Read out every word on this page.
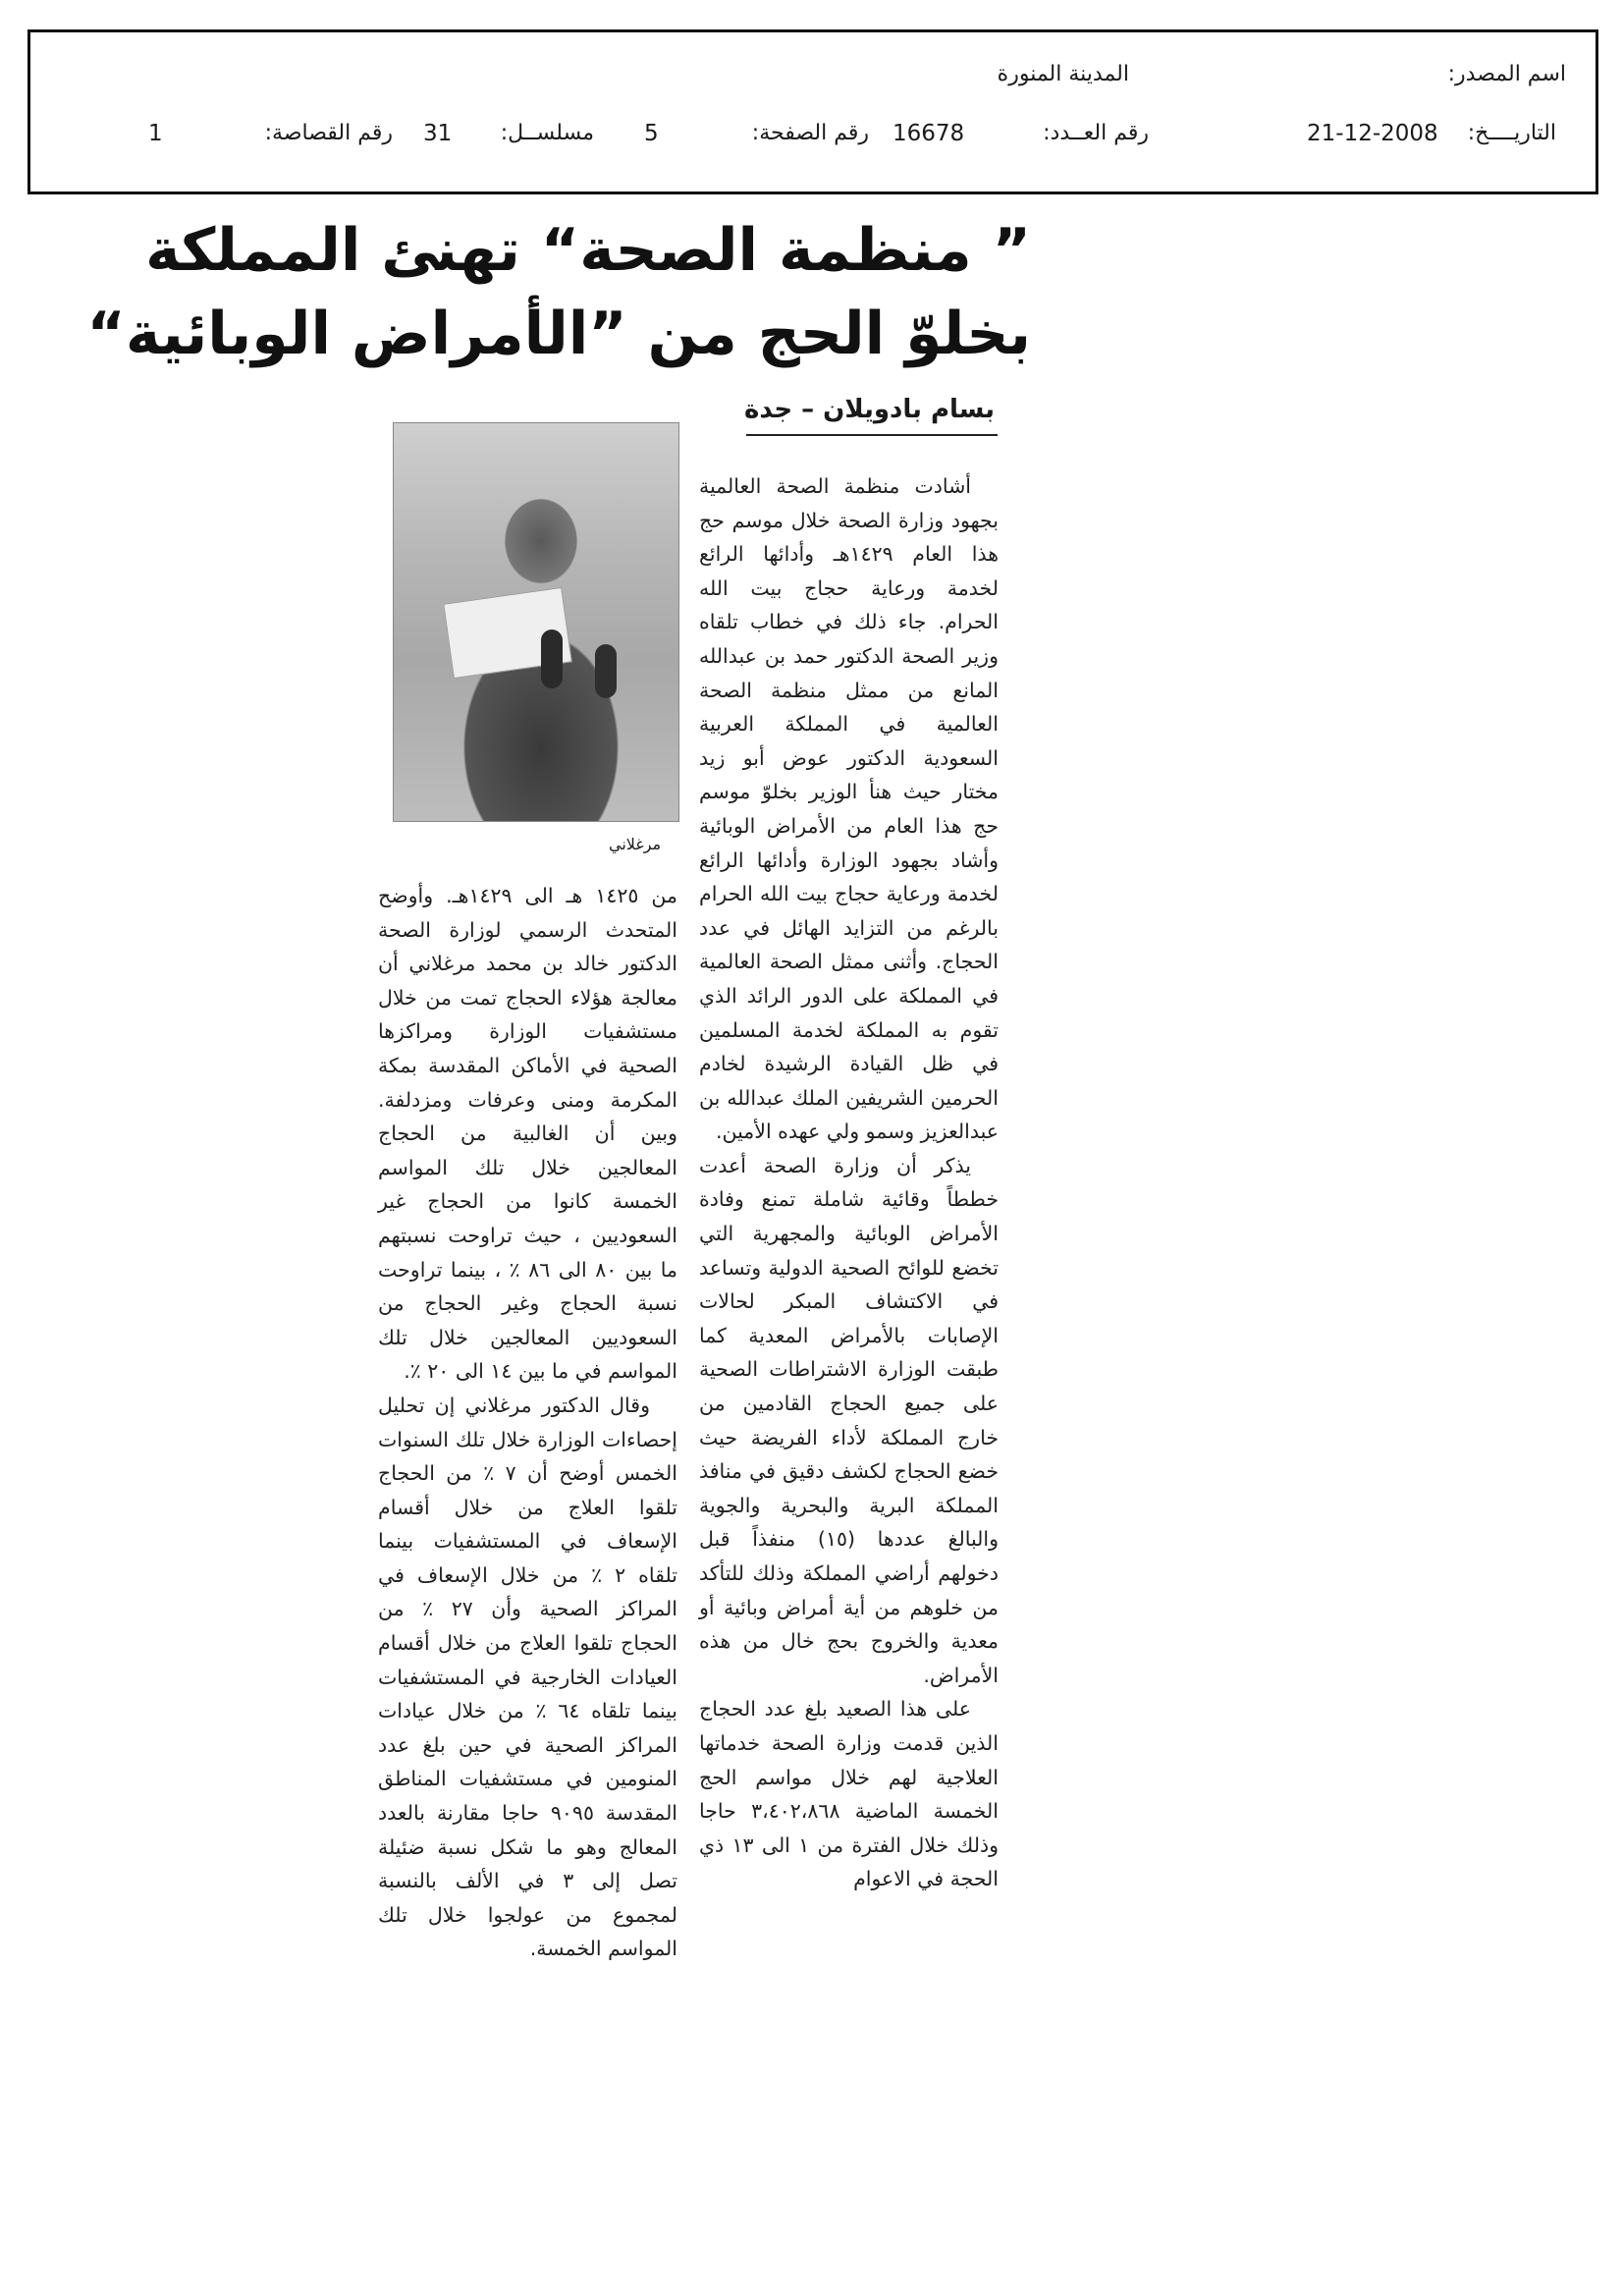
اسم المصدر:
المدينة المنورة
التاريــــخ:
21-12-2008
رقم العــدد:
16678
رقم الصفحة:
5
مسلســل:
31
رقم القصاصة:
1
” منظمة الصحة“ تهنئ المملكة
بخلوّ الحج من ”الأمراض الوبائية“
بسام بادويلان – جدة
مرغلاني

أشادت منظمة الصحة العالمية بجهود وزارة الصحة خلال موسم حج هذا العام ١٤٢٩هـ وأدائها الرائع لخدمة ورعاية حجاج بيت الله الحرام. جاء ذلك في خطاب تلقاه وزير الصحة الدكتور حمد بن عبدالله المانع من ممثل منظمة الصحة العالمية في المملكة العربية السعودية الدكتور عوض أبو زيد مختار حيث هنأ الوزير بخلوّ موسم حج هذا العام من الأمراض الوبائية وأشاد بجهود الوزارة وأدائها الرائع لخدمة ورعاية حجاج بيت الله الحرام بالرغم من التزايد الهائل في عدد الحجاج. وأثنى ممثل الصحة العالمية في المملكة على الدور الرائد الذي تقوم به المملكة لخدمة المسلمين في ظل القيادة الرشيدة لخادم الحرمين الشريفين الملك عبدالله بن عبدالعزيز وسمو ولي عهده الأمين.

يذكر أن وزارة الصحة أعدت خططاً وقائية شاملة تمنع وفادة الأمراض الوبائية والمجهرية التي تخضع للوائح الصحية الدولية وتساعد في الاكتشاف المبكر لحالات الإصابات بالأمراض المعدية كما طبقت الوزارة الاشتراطات الصحية على جميع الحجاج القادمين من خارج المملكة لأداء الفريضة حيث خضع الحجاج لكشف دقيق في منافذ المملكة البرية والبحرية والجوية والبالغ عددها (١٥) منفذاً قبل دخولهم أراضي المملكة وذلك للتأكد من خلوهم من أية أمراض وبائية أو معدية والخروج بحج خال من هذه الأمراض.

على هذا الصعيد بلغ عدد الحجاج الذين قدمت وزارة الصحة خدماتها العلاجية لهم خلال مواسم الحج الخمسة الماضية ٣،٤٠٢،٨٦٨ حاجا وذلك خلال الفترة من ١ الى ١٣ ذي الحجة في الاعوام

من ١٤٢٥ هـ الى ١٤٢٩هـ. وأوضح المتحدث الرسمي لوزارة الصحة الدكتور خالد بن محمد مرغلاني أن معالجة هؤلاء الحجاج تمت من خلال مستشفيات الوزارة ومراكزها الصحية في الأماكن المقدسة بمكة المكرمة ومنى وعرفات ومزدلفة. وبين أن الغالبية من الحجاج المعالجين خلال تلك المواسم الخمسة كانوا من الحجاج غير السعوديين ، حيث تراوحت نسبتهم ما بين ٨٠ الى ٨٦ ٪ ، بينما تراوحت نسبة الحجاج وغير الحجاج من السعوديين المعالجين خلال تلك المواسم في ما بين ١٤ الى ٢٠ ٪.

وقال الدكتور مرغلاني إن تحليل إحصاءات الوزارة خلال تلك السنوات الخمس أوضح أن ٧ ٪ من الحجاج تلقوا العلاج من خلال أقسام الإسعاف في المستشفيات بينما تلقاه ٢ ٪ من خلال الإسعاف في المراكز الصحية وأن ٢٧ ٪ من الحجاج تلقوا العلاج من خلال أقسام العيادات الخارجية في المستشفيات بينما تلقاه ٦٤ ٪ من خلال عيادات المراكز الصحية في حين بلغ عدد المنومين في مستشفيات المناطق المقدسة ٩٠٩٥ حاجا مقارنة بالعدد المعالج وهو ما شكل نسبة ضئيلة تصل إلى ٣ في الألف بالنسبة لمجموع من عولجوا خلال تلك المواسم الخمسة.
